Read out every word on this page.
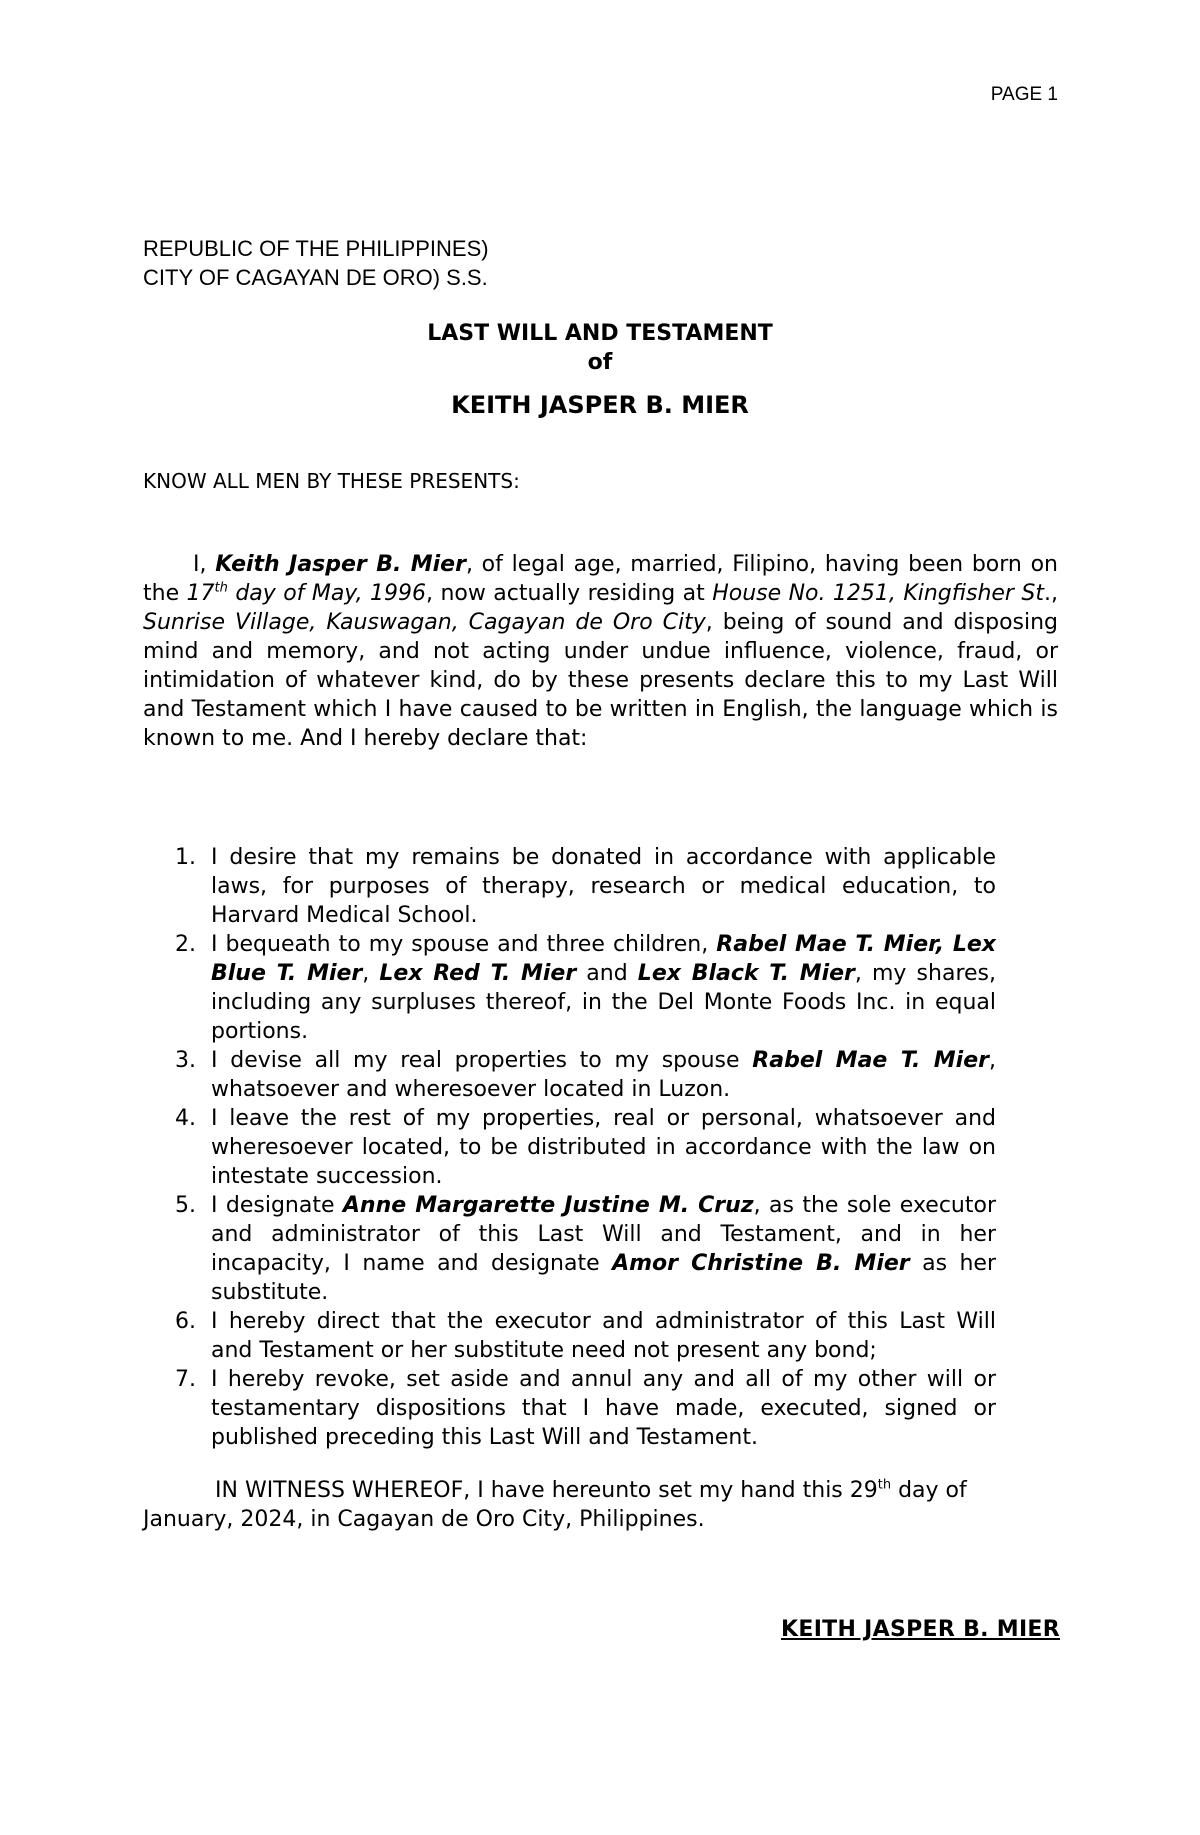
PAGE 1
REPUBLIC OF THE PHILIPPINES)
CITY OF CAGAYAN DE ORO) S.S.
LAST WILL AND TESTAMENT
of
KEITH JASPER B. MIER
KNOW ALL MEN BY THESE PRESENTS:

I, Keith Jasper B. Mier, of legal age, married, Filipino, having been born on the 17th day of May, 1996, now actually residing at House No. 1251, Kingfisher St., Sunrise Village, Kauswagan, Cagayan de Oro City, being of sound and disposing mind and memory, and not acting under undue influence, violence, fraud, or intimidation of whatever kind, do by these presents declare this to my Last Will and Testament which I have caused to be written in English, the language which is known to me. And I hereby declare that:

1. I desire that my remains be donated in accordance with applicable laws, for purposes of therapy, research or medical education, to Harvard Medical School.
2. I bequeath to my spouse and three children, Rabel Mae T. Mier, Lex Blue T. Mier, Lex Red T. Mier and Lex Black T. Mier, my shares, including any surpluses thereof, in the Del Monte Foods Inc. in equal portions.
3. I devise all my real properties to my spouse Rabel Mae T. Mier, whatsoever and wheresoever located in Luzon.
4. I leave the rest of my properties, real or personal, whatsoever and wheresoever located, to be distributed in accordance with the law on intestate succession.
5. I designate Anne Margarette Justine M. Cruz, as the sole executor and administrator of this Last Will and Testament, and in her incapacity, I name and designate Amor Christine B. Mier as her substitute.
6. I hereby direct that the executor and administrator of this Last Will and Testament or her substitute need not present any bond;
7. I hereby revoke, set aside and annul any and all of my other will or testamentary dispositions that I have made, executed, signed or published preceding this Last Will and Testament.

IN WITNESS WHEREOF, I have hereunto set my hand this 29th day of January, 2024, in Cagayan de Oro City, Philippines.

KEITH JASPER B. MIER
